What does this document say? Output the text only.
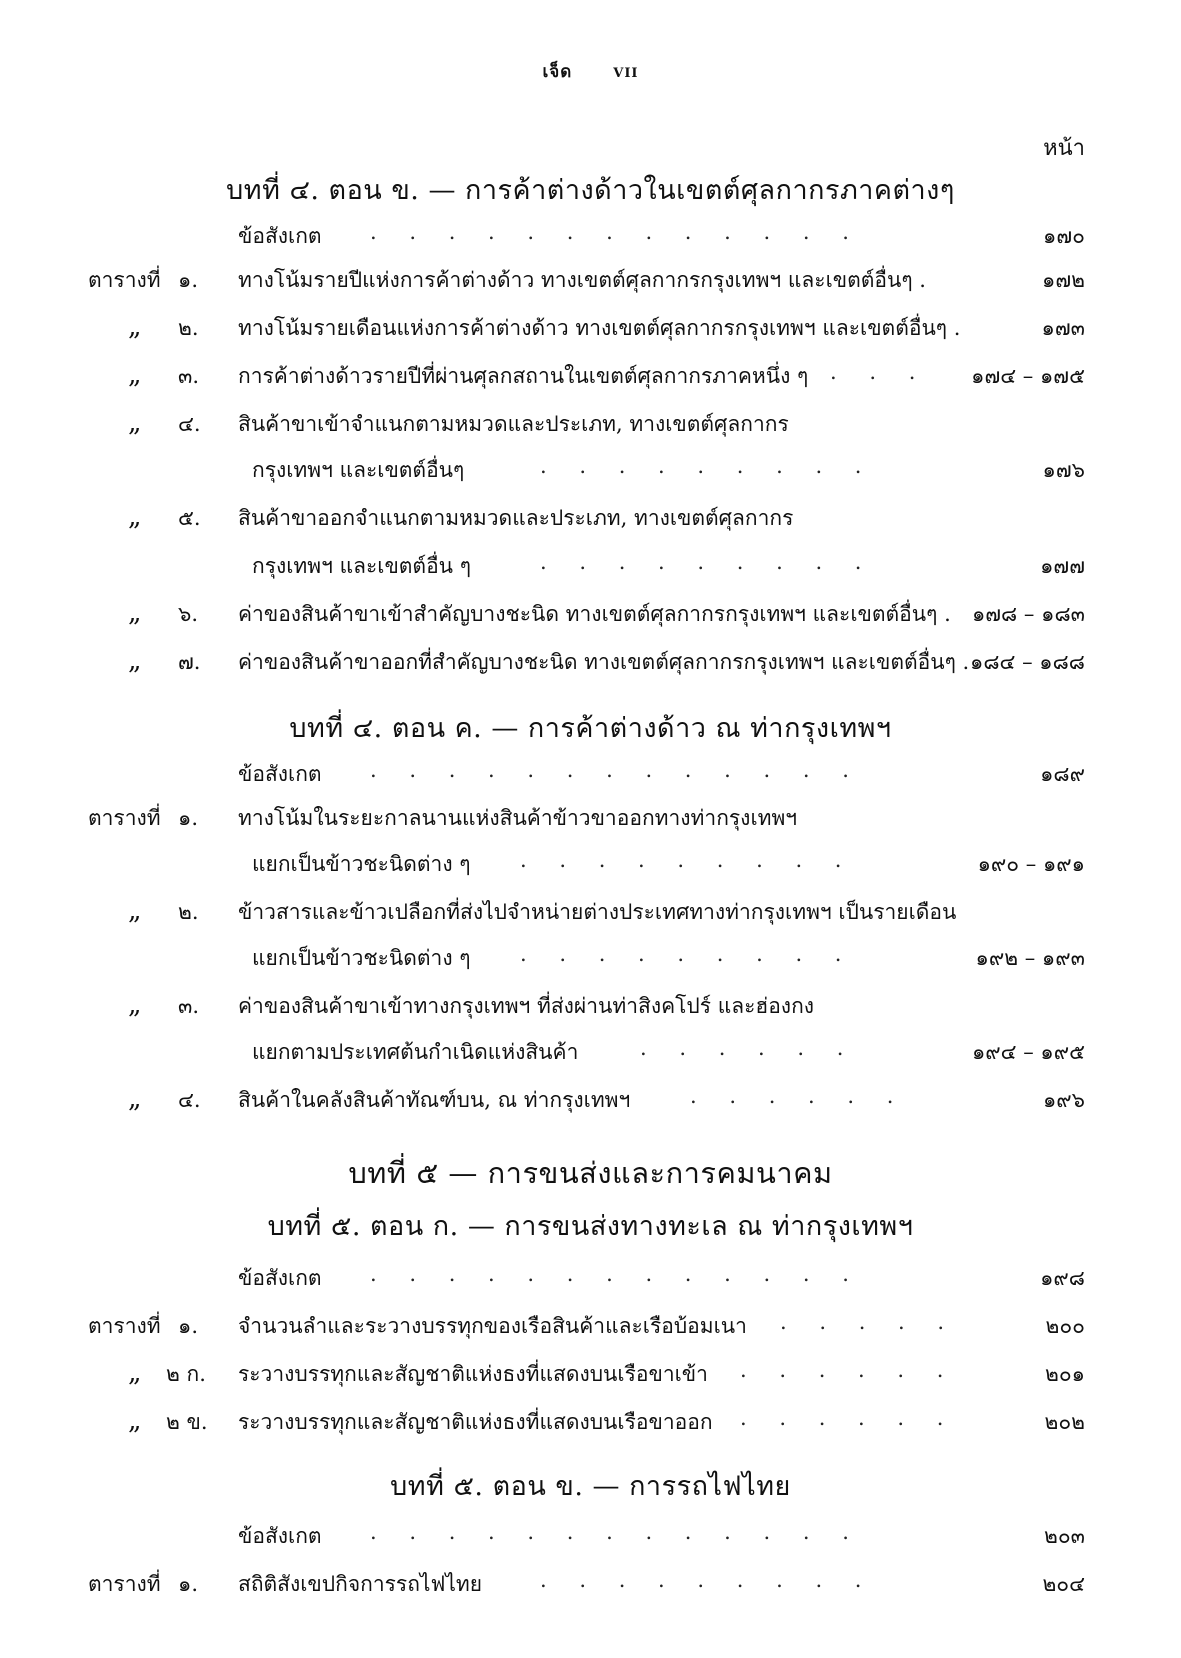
เจ็ด	VII
หน้า
บทที่ ๔. ตอน ข. — การค้าต่างด้าวในเขตต์ศุลกากรภาคต่างๆ
ข้อสังเกต . . . . . . . . . . . . .	๑๗๐
ตารางที่ ๑. ทางโน้มรายปีแห่งการค้าต่างด้าว ทางเขตต์ศุลกากรกรุงเทพฯ และเขตต์อื่นๆ .	๑๗๒
„ ๒. ทางโน้มรายเดือนแห่งการค้าต่างด้าว ทางเขตต์ศุลกากรกรุงเทพฯ และเขตต์อื่นๆ .	๑๗๓
„ ๓. การค้าต่างด้าวรายปีที่ผ่านศุลกสถานในเขตต์ศุลกากรภาคหนึ่ง ๆ . . . ๑๗๔ – ๑๗๕
„ ๔. สินค้าขาเข้าจำแนกตามหมวดและประเภท, ทางเขตต์ศุลกากร
กรุงเทพฯ และเขตต์อื่นๆ	. . . . . . . . .	๑๗๖
„ ๕. สินค้าขาออกจำแนกตามหมวดและประเภท, ทางเขตต์ศุลกากร
กรุงเทพฯ และเขตต์อื่น ๆ	. . . . . . . . .	๑๗๗
„ ๖. ค่าของสินค้าขาเข้าสำคัญบางชะนิด ทางเขตต์ศุลกากรกรุงเทพฯ และเขตต์อื่นๆ . ๑๗๘ – ๑๘๓
„ ๗. ค่าของสินค้าขาออกที่สำคัญบางชะนิด ทางเขตต์ศุลกากรกรุงเทพฯ และเขตต์อื่นๆ . ๑๘๔ – ๑๘๘
บทที่ ๔. ตอน ค. — การค้าต่างด้าว ณ ท่ากรุงเทพฯ
ข้อสังเกต . . . . . . . . . . . . .	๑๘๙
ตารางที่ ๑. ทางโน้มในระยะกาลนานแห่งสินค้าข้าวขาออกทางท่ากรุงเทพฯ
แยกเป็นข้าวชะนิดต่าง ๆ . . . . . . . . .	๑๙๐ – ๑๙๑
„ ๒. ข้าวสารและข้าวเปลือกที่ส่งไปจำหน่ายต่างประเทศทางท่ากรุงเทพฯ เป็นรายเดือน
แยกเป็นข้าวชะนิดต่าง ๆ . . . . . . . . .	๑๙๒ – ๑๙๓
„ ๓. ค่าของสินค้าขาเข้าทางกรุงเทพฯ ที่ส่งผ่านท่าสิงคโปร์ และฮ่องกง
แยกตามประเทศต้นกำเนิดแห่งสินค้า	. . . . . .	๑๙๔ – ๑๙๕
„ ๔. สินค้าในคลังสินค้าทัณฑ์บน, ณ ท่ากรุงเทพฯ	. . . . . .	๑๙๖
บทที่ ๕ — การขนส่งและการคมนาคม
บทที่ ๕. ตอน ก. — การขนส่งทางทะเล ณ ท่ากรุงเทพฯ
ข้อสังเกต . . . . . . . . . . . . .	๑๙๘
ตารางที่ ๑. จำนวนลำและระวางบรรทุกของเรือสินค้าและเรือบ้อมเนา . . . . .	๒๐๐
„ ๒ ก. ระวางบรรทุกและสัญชาติแห่งธงที่แสดงบนเรือขาเข้า . . . . . .	๒๐๑
„ ๒ ข. ระวางบรรทุกและสัญชาติแห่งธงที่แสดงบนเรือขาออก . . . . . .	๒๐๒
บทที่ ๕. ตอน ข. — การรถไฟไทย
ข้อสังเกต . . . . . . . . . . . . .	๒๐๓
ตารางที่ ๑. สถิติสังเขปกิจการรถไฟไทย	. . . . . . . . .	๒๐๔
